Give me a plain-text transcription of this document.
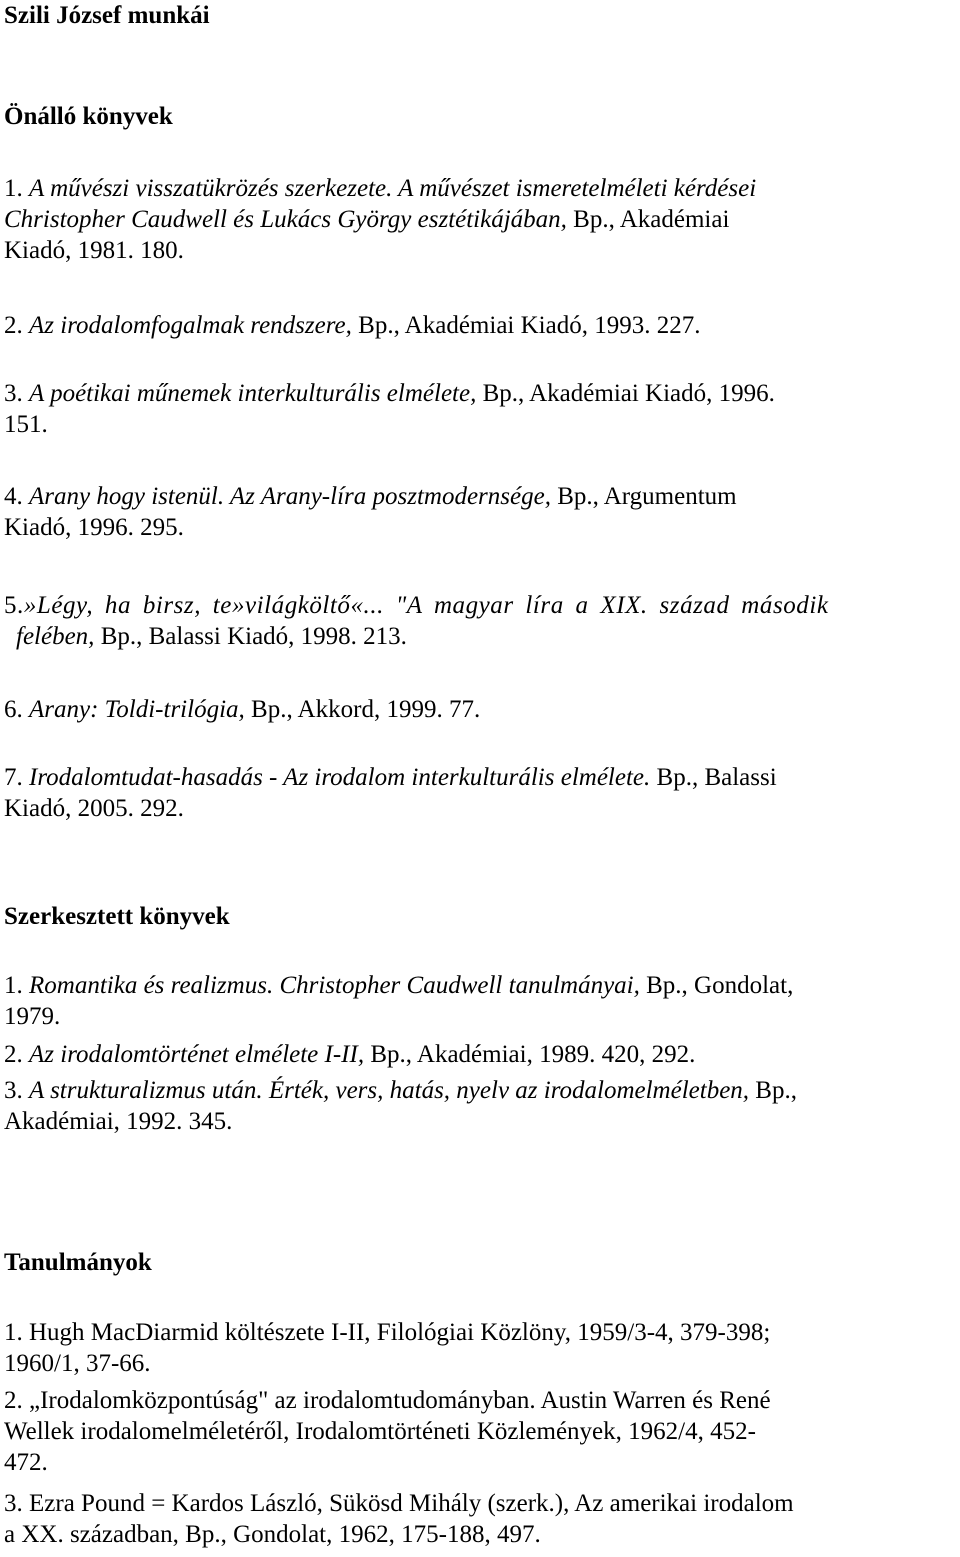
Szili József munkái
Önálló könyvek
1. A művészi visszatükrözés szerkezete. A művészet ismeretelméleti kérdései
Christopher Caudwell és Lukács György esztétikájában, Bp., Akadémiai
Kiadó, 1981. 180.
2. Az irodalomfogalmak rendszere, Bp., Akadémiai Kiadó, 1993. 227.
3. A poétikai műnemek interkulturális elmélete, Bp., Akadémiai Kiadó, 1996.
151.
4. Arany hogy istenül. Az Arany-líra posztmodernsége, Bp., Argumentum
Kiadó, 1996. 295.
5.»Légy, ha birsz, te»világköltő«... "A magyar líra a XIX. század második
felében, Bp., Balassi Kiadó, 1998. 213.
6. Arany: Toldi-trilógia, Bp., Akkord, 1999. 77.
7. Irodalomtudat-hasadás - Az irodalom interkulturális elmélete. Bp., Balassi
Kiadó, 2005. 292.
Szerkesztett könyvek
1. Romantika és realizmus. Christopher Caudwell tanulmányai, Bp., Gondolat,
1979.
2. Az irodalomtörténet elmélete I-II, Bp., Akadémiai, 1989. 420, 292.
3. A strukturalizmus után. Érték, vers, hatás, nyelv az irodalomelméletben, Bp.,
Akadémiai, 1992. 345.
Tanulmányok
1. Hugh MacDiarmid költészete I-II, Filológiai Közlöny, 1959/3-4, 379-398;
1960/1, 37-66.
2. „Irodalomközpontúság" az irodalomtudományban. Austin Warren és René
Wellek irodalomelméletéről, Irodalomtörténeti Közlemények, 1962/4, 452-
472.
3. Ezra Pound = Kardos László, Sükösd Mihály (szerk.), Az amerikai irodalom
a XX. században, Bp., Gondolat, 1962, 175-188, 497.
